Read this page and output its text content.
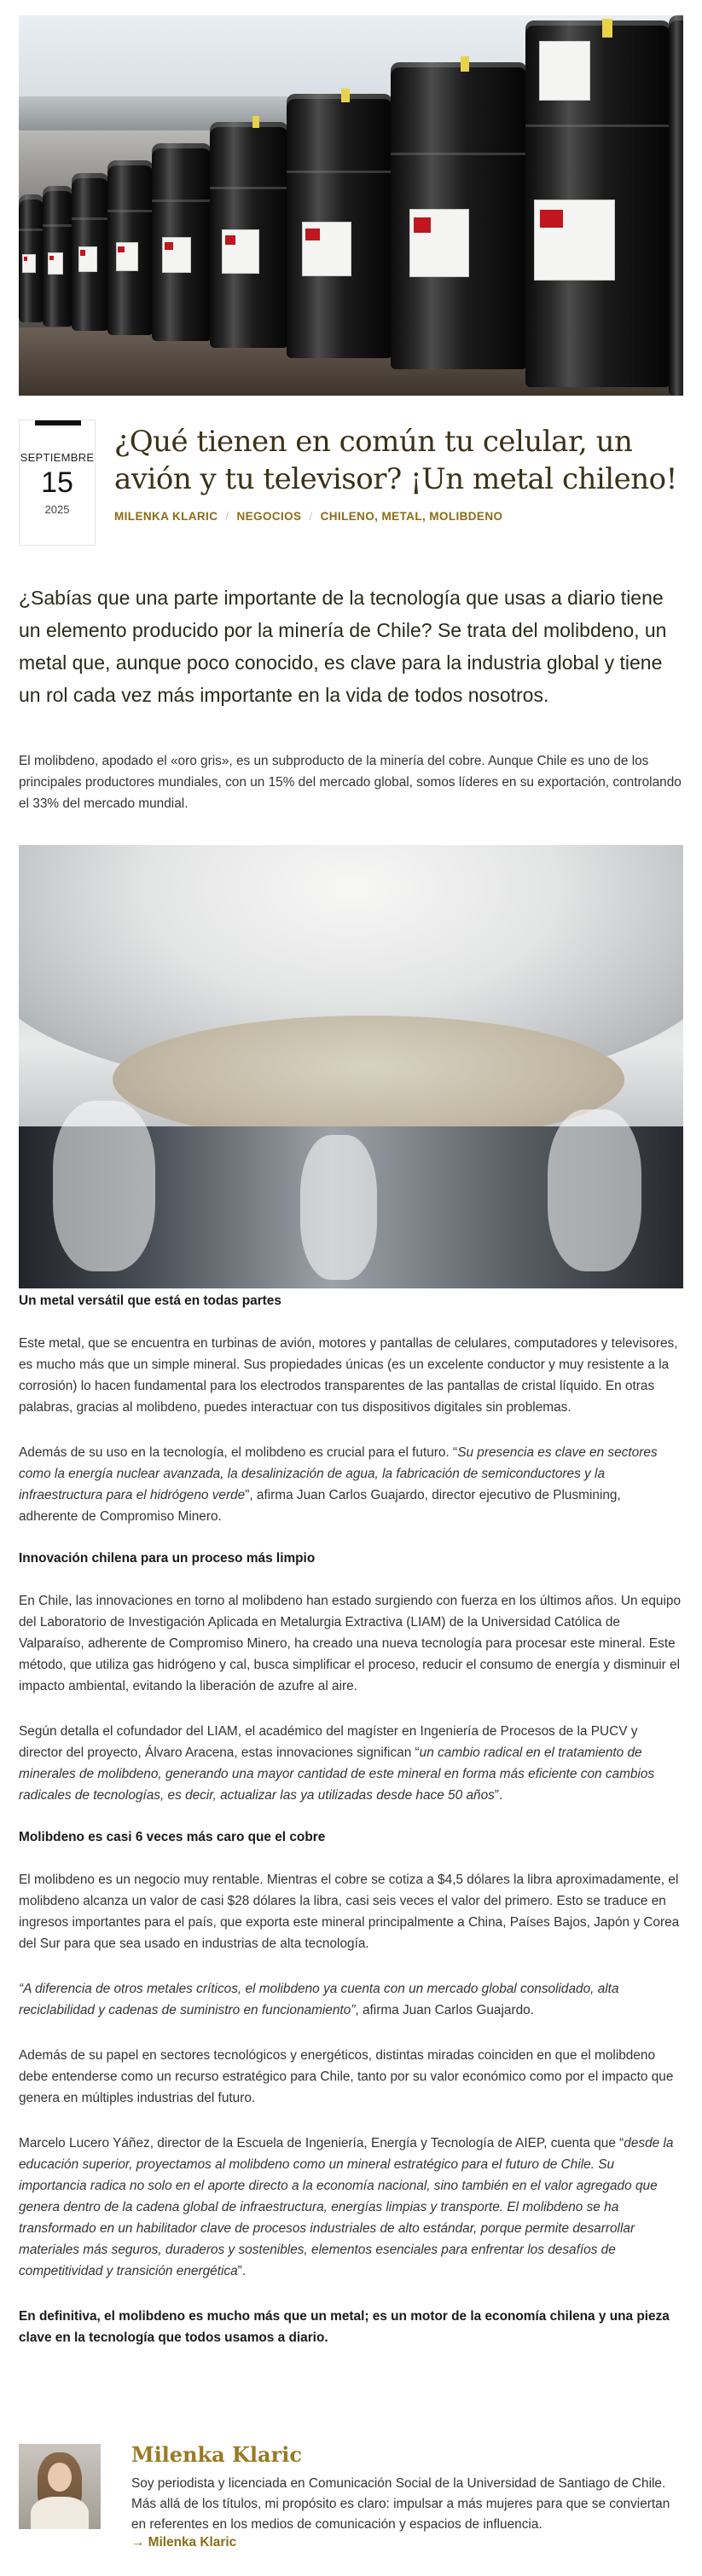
SEPTIEMBRE
15
2025
¿Qué tienen en común tu celular, un avión y tu televisor? ¡Un metal chileno!
MILENKA KLARIC / NEGOCIOS / CHILENO, METAL, MOLIBDENO

¿Sabías que una parte importante de la tecnología que usas a diario tiene un elemento producido por la minería de Chile? Se trata del molibdeno, un metal que, aunque poco conocido, es clave para la industria global y tiene un rol cada vez más importante en la vida de todos nosotros.

El molibdeno, apodado el «oro gris», es un subproducto de la minería del cobre. Aunque Chile es uno de los principales productores mundiales, con un 15% del mercado global, somos líderes en su exportación, controlando el 33% del mercado mundial.

Un metal versátil que está en todas partes

Este metal, que se encuentra en turbinas de avión, motores y pantallas de celulares, computadores y televisores, es mucho más que un simple mineral. Sus propiedades únicas (es un excelente conductor y muy resistente a la corrosión) lo hacen fundamental para los electrodos transparentes de las pantallas de cristal líquido. En otras palabras, gracias al molibdeno, puedes interactuar con tus dispositivos digitales sin problemas.

Además de su uso en la tecnología, el molibdeno es crucial para el futuro. “Su presencia es clave en sectores como la energía nuclear avanzada, la desalinización de agua, la fabricación de semiconductores y la infraestructura para el hidrógeno verde”, afirma Juan Carlos Guajardo, director ejecutivo de Plusmining, adherente de Compromiso Minero.

Innovación chilena para un proceso más limpio

En Chile, las innovaciones en torno al molibdeno han estado surgiendo con fuerza en los últimos años. Un equipo del Laboratorio de Investigación Aplicada en Metalurgia Extractiva (LIAM) de la Universidad Católica de Valparaíso, adherente de Compromiso Minero, ha creado una nueva tecnología para procesar este mineral. Este método, que utiliza gas hidrógeno y cal, busca simplificar el proceso, reducir el consumo de energía y disminuir el impacto ambiental, evitando la liberación de azufre al aire.

Según detalla el cofundador del LIAM, el académico del magíster en Ingeniería de Procesos de la PUCV y director del proyecto, Álvaro Aracena, estas innovaciones significan “un cambio radical en el tratamiento de minerales de molibdeno, generando una mayor cantidad de este mineral en forma más eficiente con cambios radicales de tecnologías, es decir, actualizar las ya utilizadas desde hace 50 años”.

Molibdeno es casi 6 veces más caro que el cobre

El molibdeno es un negocio muy rentable. Mientras el cobre se cotiza a $4,5 dólares la libra aproximadamente, el molibdeno alcanza un valor de casi $28 dólares la libra, casi seis veces el valor del primero. Esto se traduce en ingresos importantes para el país, que exporta este mineral principalmente a China, Países Bajos, Japón y Corea del Sur para que sea usado en industrias de alta tecnología.

“A diferencia de otros metales críticos, el molibdeno ya cuenta con un mercado global consolidado, alta reciclabilidad y cadenas de suministro en funcionamiento”, afirma Juan Carlos Guajardo.

Además de su papel en sectores tecnológicos y energéticos, distintas miradas coinciden en que el molibdeno debe entenderse como un recurso estratégico para Chile, tanto por su valor económico como por el impacto que genera en múltiples industrias del futuro.

Marcelo Lucero Yáñez, director de la Escuela de Ingeniería, Energía y Tecnología de AIEP, cuenta que “desde la educación superior, proyectamos al molibdeno como un mineral estratégico para el futuro de Chile. Su importancia radica no solo en el aporte directo a la economía nacional, sino también en el valor agregado que genera dentro de la cadena global de infraestructura, energías limpias y transporte. El molibdeno se ha transformado en un habilitador clave de procesos industriales de alto estándar, porque permite desarrollar materiales más seguros, duraderos y sostenibles, elementos esenciales para enfrentar los desafíos de competitividad y transición energética”.

En definitiva, el molibdeno es mucho más que un metal; es un motor de la economía chilena y una pieza clave en la tecnología que todos usamos a diario.

Milenka Klaric
Soy periodista y licenciada en Comunicación Social de la Universidad de Santiago de Chile. Más allá de los títulos, mi propósito es claro: impulsar a más mujeres para que se conviertan en referentes en los medios de comunicación y espacios de influencia.
→ Milenka Klaric
